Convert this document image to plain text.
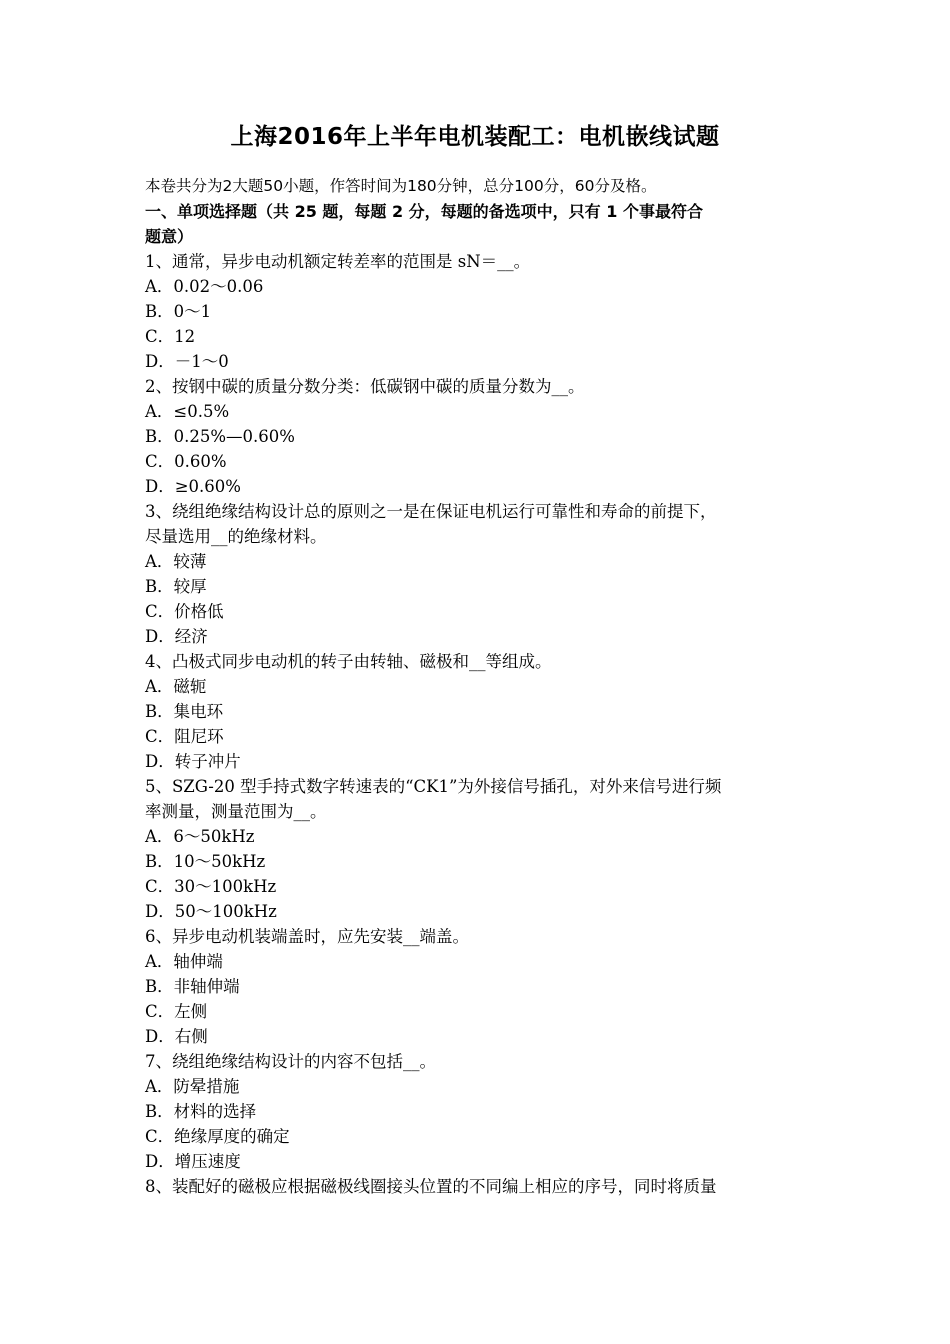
上海2016年上半年电机装配工：电机嵌线试题
本卷共分为2大题50小题，作答时间为180分钟，总分100分，60分及格。
一、单项选择题（共 25 题，每题 2 分，每题的备选项中，只有 1 个事最符合
题意）
1、通常，异步电动机额定转差率的范围是 sN＝__。
A．0.02～0.06
B．0～1
C．12
D．－1～0
2、按钢中碳的质量分数分类：低碳钢中碳的质量分数为__。
A．≤0.5%
B．0.25%—0.60%
C．0.60%
D．≥0.60%
3、绕组绝缘结构设计总的原则之一是在保证电机运行可靠性和寿命的前提下，
尽量选用__的绝缘材料。
A．较薄
B．较厚
C．价格低
D．经济
4、凸极式同步电动机的转子由转轴、磁极和__等组成。
A．磁轭
B．集电环
C．阻尼环
D．转子冲片
5、SZG-20 型手持式数字转速表的“CK1”为外接信号插孔，对外来信号进行频
率测量，测量范围为__。
A．6～50kHz
B．10～50kHz
C．30～100kHz
D．50～100kHz
6、异步电动机装端盖时，应先安装__端盖。
A．轴伸端
B．非轴伸端
C．左侧
D．右侧
7、绕组绝缘结构设计的内容不包括__。
A．防晕措施
B．材料的选择
C．绝缘厚度的确定
D．增压速度
8、装配好的磁极应根据磁极线圈接头位置的不同编上相应的序号，同时将质量
